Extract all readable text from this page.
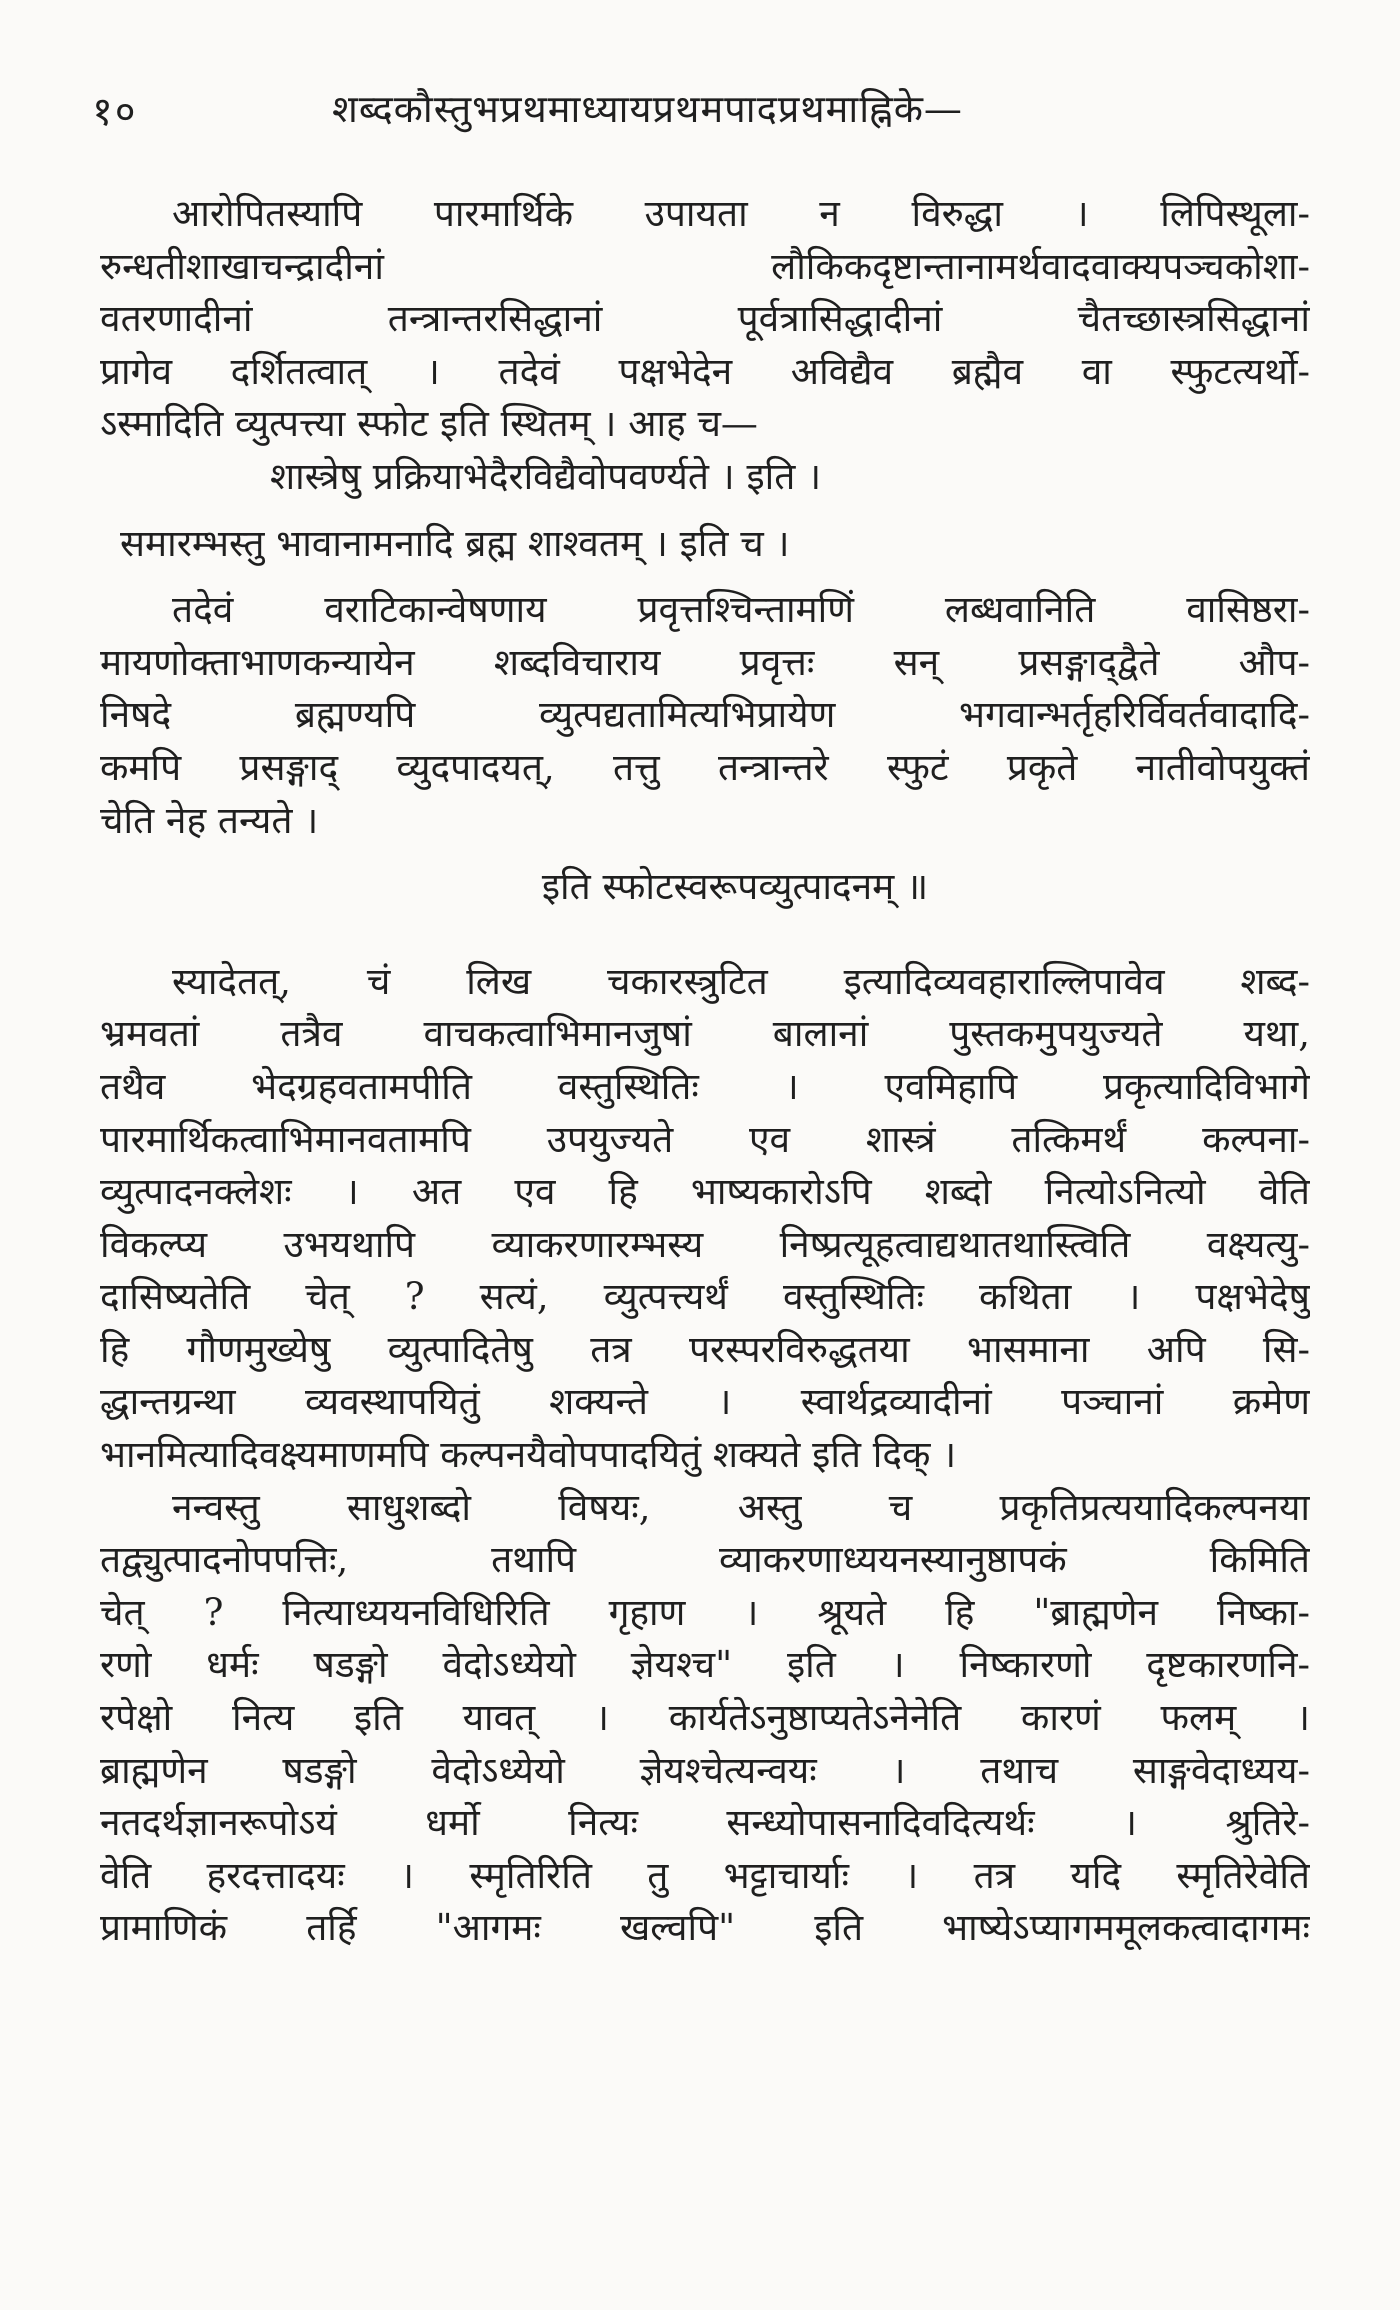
१०	शब्दकौस्तुभप्रथमाध्यायप्रथमपादप्रथमाह्निके—
आरोपितस्यापि पारमार्थिके उपायता न विरुद्धा । लिपिस्थूला-
रुन्धतीशाखाचन्द्रादीनां लौकिकदृष्टान्तानामर्थवादवाक्यपञ्चकोशा-
वतरणादीनां तन्त्रान्तरसिद्धानां पूर्वत्रासिद्धादीनां चैतच्छास्त्रसिद्धानां
प्रागेव दर्शितत्वात् । तदेवं पक्षभेदेन अविद्यैव ब्रह्मैव वा स्फुटत्यर्थो-
ऽस्मादिति व्युत्पत्त्या स्फोट इति स्थितम् । आह च—
शास्त्रेषु प्रक्रियाभेदैरविद्यैवोपवर्ण्यते । इति ।
समारम्भस्तु भावानामनादि ब्रह्म शाश्वतम् । इति च ।
तदेवं वराटिकान्वेषणाय प्रवृत्तश्चिन्तामणिं लब्धवानिति वासिष्ठरा-
मायणोक्ताभाणकन्यायेन शब्दविचाराय प्रवृत्तः सन् प्रसङ्गाद्‌द्वैते औप-
निषदे ब्रह्मण्यपि व्युत्पद्यतामित्यभिप्रायेण भगवान्भर्तृहरिर्विवर्तवादादि-
कमपि प्रसङ्गाद् व्युदपादयत्, तत्तु तन्त्रान्तरे स्फुटं प्रकृते नातीवोपयुक्तं
चेति नेह तन्यते ।
इति स्फोटस्वरूपव्युत्पादनम् ॥
स्यादेतत्, चं लिख चकारस्त्रुटित इत्यादिव्यवहाराल्लिपावेव शब्द-
भ्रमवतां तत्रैव वाचकत्वाभिमानजुषां बालानां पुस्तकमुपयुज्यते यथा,
तथैव भेदग्रहवतामपीति वस्तुस्थितिः । एवमिहापि प्रकृत्यादिविभागे
पारमार्थिकत्वाभिमानवतामपि उपयुज्यते एव शास्त्रं तत्किमर्थं कल्पना-
व्युत्पादनक्लेशः । अत एव हि भाष्यकारोऽपि शब्दो नित्योऽनित्यो वेति
विकल्प्य उभयथापि व्याकरणारम्भस्य निष्प्रत्यूहत्वाद्यथातथास्त्विति वक्ष्यत्यु-
दासिष्यतेति चेत् ? सत्यं, व्युत्पत्त्यर्थं वस्तुस्थितिः कथिता । पक्षभेदेषु
हि गौणमुख्येषु व्युत्पादितेषु तत्र परस्परविरुद्धतया भासमाना अपि सि-
द्धान्तग्रन्था व्यवस्थापयितुं शक्यन्ते । स्वार्थद्रव्यादीनां पञ्चानां क्रमेण
भानमित्यादिवक्ष्यमाणमपि कल्पनयैवोपपादयितुं शक्यते इति दिक् ।
नन्वस्तु साधुशब्दो विषयः, अस्तु च प्रकृतिप्रत्ययादिकल्पनया
तद्व्युत्पादनोपपत्तिः, तथापि व्याकरणाध्ययनस्यानुष्ठापकं किमिति
चेत् ? नित्याध्ययनविधिरिति गृहाण । श्रूयते हि "ब्राह्मणेन निष्का-
रणो धर्मः षडङ्गो वेदोऽध्येयो ज्ञेयश्च" इति । निष्कारणो दृष्टकारणनि-
रपेक्षो नित्य इति यावत् । कार्यतेऽनुष्ठाप्यतेऽनेनेति कारणं फलम् ।
ब्राह्मणेन षडङ्गो वेदोऽध्येयो ज्ञेयश्चेत्यन्वयः । तथाच साङ्गवेदाध्यय-
नतदर्थज्ञानरूपोऽयं धर्मो नित्यः सन्ध्योपासनादिवदित्यर्थः । श्रुतिरे-
वेति हरदत्तादयः । स्मृतिरिति तु भट्टाचार्याः । तत्र यदि स्मृतिरेवेति
प्रामाणिकं तर्हि "आगमः खल्वपि" इति भाष्येऽप्यागममूलकत्वादागमः
